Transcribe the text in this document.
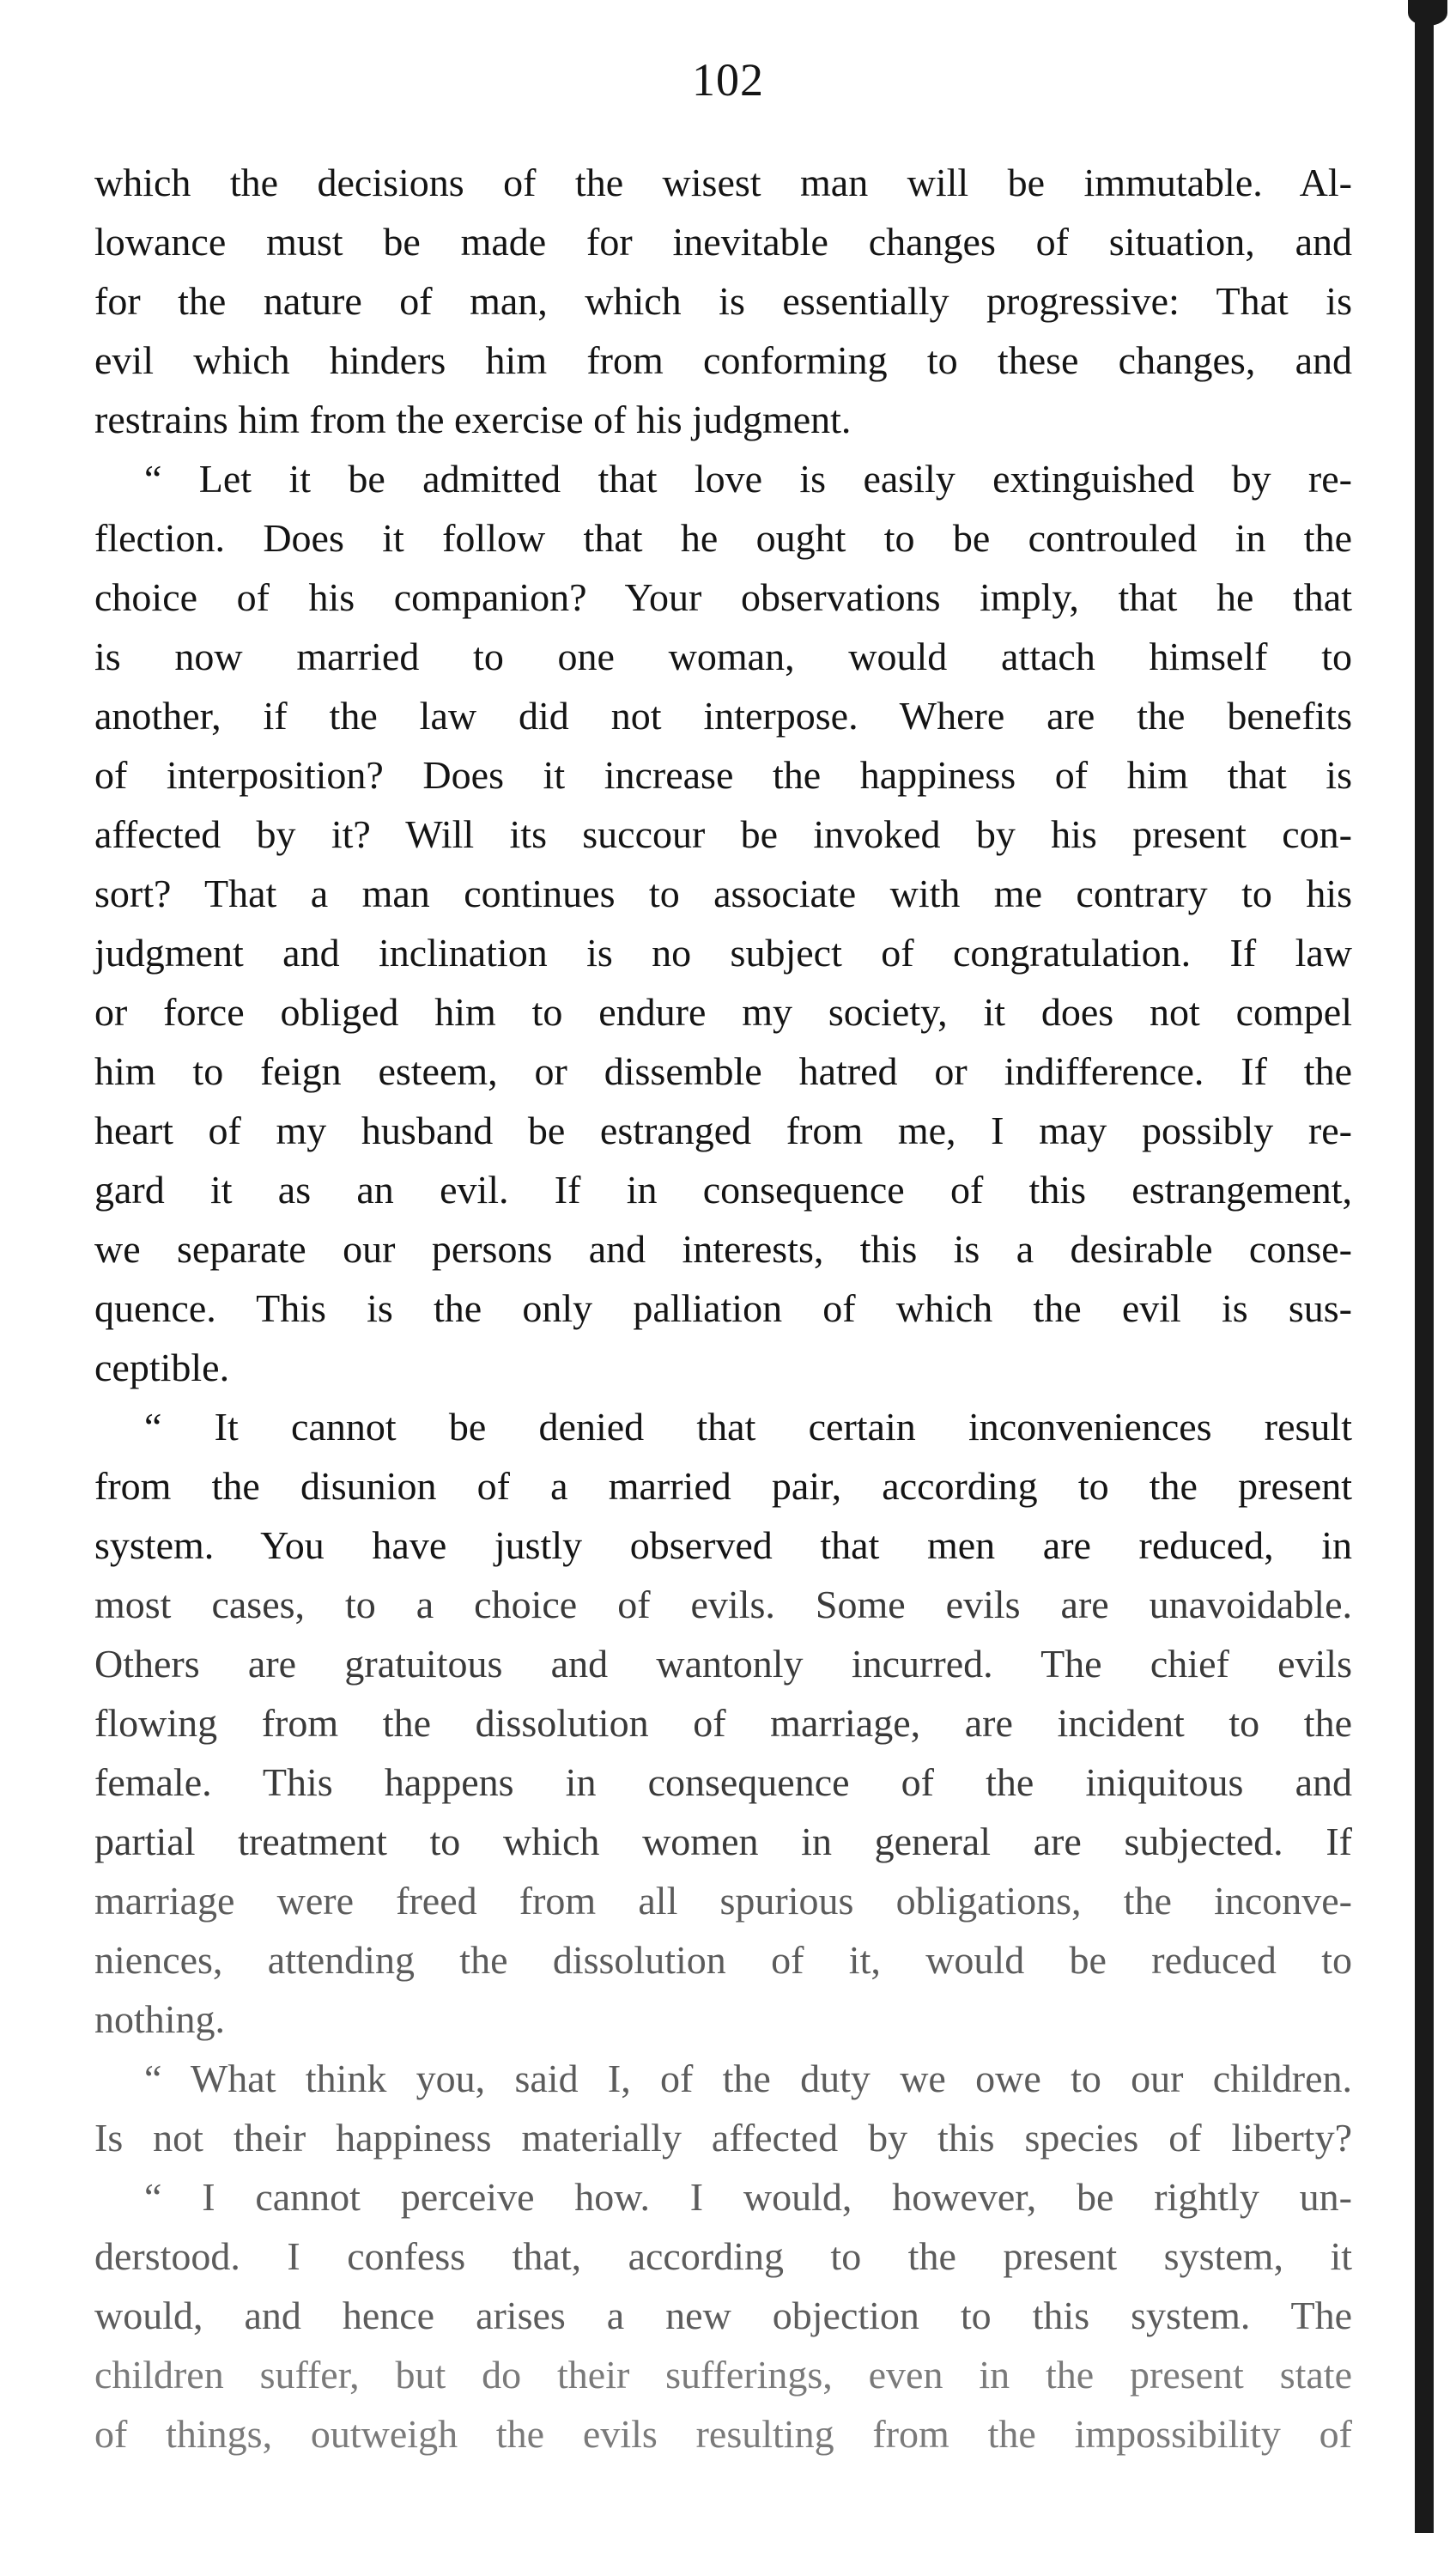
102
which the decisions of the wisest man will be immutable. Al-
lowance must be made for inevitable changes of situation, and
for the nature of man, which is essentially progressive: That is
evil which hinders him from conforming to these changes, and
restrains him from the exercise of his judgment.
“ Let it be admitted that love is easily extinguished by re-
flection. Does it follow that he ought to be controuled in the
choice of his companion? Your observations imply, that he that
is now married to one woman, would attach himself to
another, if the law did not interpose. Where are the benefits
of interposition? Does it increase the happiness of him that is
affected by it? Will its succour be invoked by his present con-
sort? That a man continues to associate with me contrary to his
judgment and inclination is no subject of congratulation. If law
or force obliged him to endure my society, it does not compel
him to feign esteem, or dissemble hatred or indifference. If the
heart of my husband be estranged from me, I may possibly re-
gard it as an evil. If in consequence of this estrangement,
we separate our persons and interests, this is a desirable conse-
quence. This is the only palliation of which the evil is sus-
ceptible.
“ It cannot be denied that certain inconveniences result
from the disunion of a married pair, according to the present
system. You have justly observed that men are reduced, in
most cases, to a choice of evils. Some evils are unavoidable.
Others are gratuitous and wantonly incurred. The chief evils
flowing from the dissolution of marriage, are incident to the
female. This happens in consequence of the iniquitous and
partial treatment to which women in general are subjected. If
marriage were freed from all spurious obligations, the inconve-
niences, attending the dissolution of it, would be reduced to
nothing.
“ What think you, said I, of the duty we owe to our children.
Is not their happiness materially affected by this species of liberty?
“ I cannot perceive how. I would, however, be rightly un-
derstood. I confess that, according to the present system, it
would, and hence arises a new objection to this system. The
children suffer, but do their sufferings, even in the present state
of things, outweigh the evils resulting from the impossibility of
